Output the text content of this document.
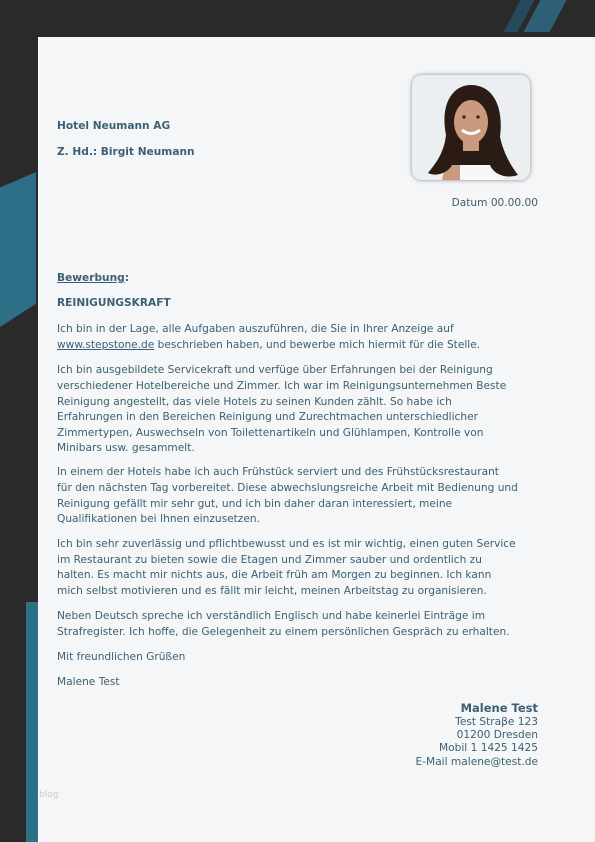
Hotel Neumann AG
Z. Hd.: Birgit Neumann
Datum 00.00.00
Bewerbung:
REINIGUNGSKRAFT
Ich bin in der Lage, alle Aufgaben auszuführen, die Sie in Ihrer Anzeige auf
www.stepstone.de beschrieben haben, und bewerbe mich hiermit für die Stelle.
Ich bin ausgebildete Servicekraft und verfüge über Erfahrungen bei der Reinigung
verschiedener Hotelbereiche und Zimmer. Ich war im Reinigungsunternehmen Beste
Reinigung angestellt, das viele Hotels zu seinen Kunden zählt. So habe ich
Erfahrungen in den Bereichen Reinigung und Zurechtmachen unterschiedlicher
Zimmertypen, Auswechseln von Toilettenartikeln und Glühlampen, Kontrolle von
Minibars usw. gesammelt.
In einem der Hotels habe ich auch Frühstück serviert und des Frühstücksrestaurant
für den nächsten Tag vorbereitet. Diese abwechslungsreiche Arbeit mit Bedienung und
Reinigung gefällt mir sehr gut, und ich bin daher daran interessiert, meine
Qualifikationen bei Ihnen einzusetzen.
Ich bin sehr zuverlässig und pflichtbewusst und es ist mir wichtig, einen guten Service
im Restaurant zu bieten sowie die Etagen und Zimmer sauber und ordentlich zu
halten. Es macht mir nichts aus, die Arbeit früh am Morgen zu beginnen. Ich kann
mich selbst motivieren und es fällt mir leicht, meinen Arbeitstag zu organisieren.
Neben Deutsch spreche ich verständlich Englisch und habe keinerlei Einträge im
Strafregister. Ich hoffe, die Gelegenheit zu einem persönlichen Gespräch zu erhalten.
Mit freundlichen Grüßen
Malene Test
Malene Test
Test Straβe 123
01200 Dresden
Mobil 1 1425 1425
E-Mail malene@test.de
blog
